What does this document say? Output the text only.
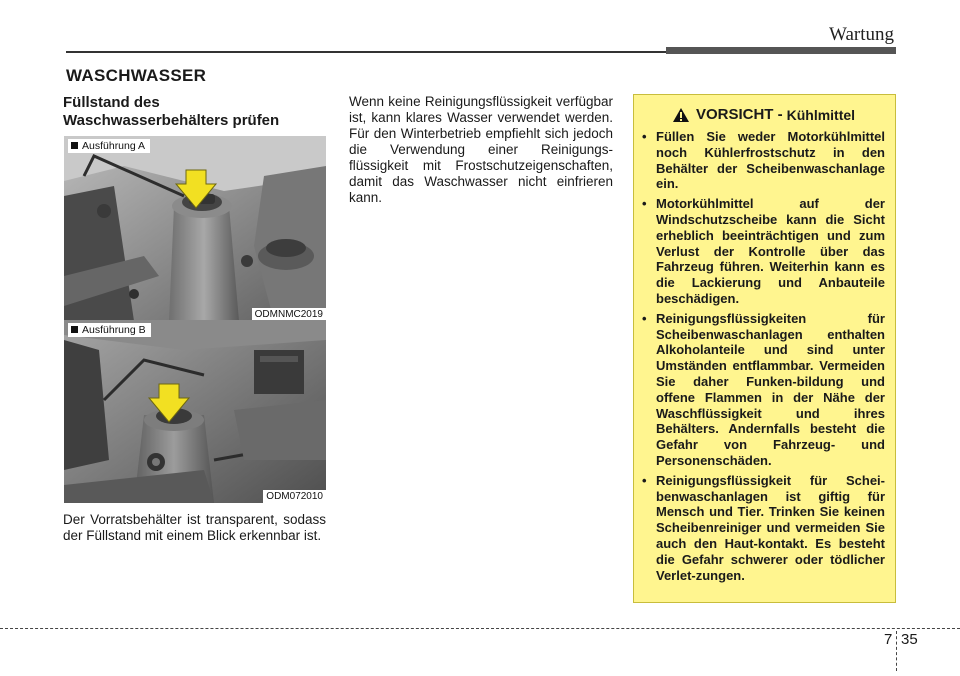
Wartung
WASCHWASSER
Füllstand des
Waschwasserbehälters prüfen
Ausführung A
ODMNMC2019
Ausführung B
ODM072010

Der Vorratsbehälter ist transparent, sodass der Füllstand mit einem Blick erkennbar ist.

Wenn keine Reinigungsflüssigkeit verfügbar ist, kann klares Wasser verwendet werden. Für den Winterbetrieb empfiehlt sich jedoch die Verwendung einer Reinigungs-flüssigkeit mit Frostschutzeigenschaften, damit das Waschwasser nicht einfrieren kann.

VORSICHT - Kühlmittel
• Füllen Sie weder Motorkühlmittel noch Kühlerfrostschutz in den Behälter der Scheibenwaschanlage ein.
• Motorkühlmittel auf der Windschutzscheibe kann die Sicht erheblich beeinträchtigen und zum Verlust der Kontrolle über das Fahrzeug führen. Weiterhin kann es die Lackierung und Anbauteile beschädigen.
• Reinigungsflüssigkeiten für Scheibenwaschanlagen enthalten Alkoholanteile und sind unter Umständen entflammbar. Vermeiden Sie daher Funken-bildung und offene Flammen in der Nähe der Waschflüssigkeit und ihres Behälters. Andernfalls besteht die Gefahr von Fahrzeug- und Personenschäden.
• Reinigungsflüssigkeit für Schei-benwaschanlagen ist giftig für Mensch und Tier. Trinken Sie keinen Scheibenreiniger und vermeiden Sie auch den Haut-kontakt. Es besteht die Gefahr schwerer oder tödlicher Verlet-zungen.
7 35
